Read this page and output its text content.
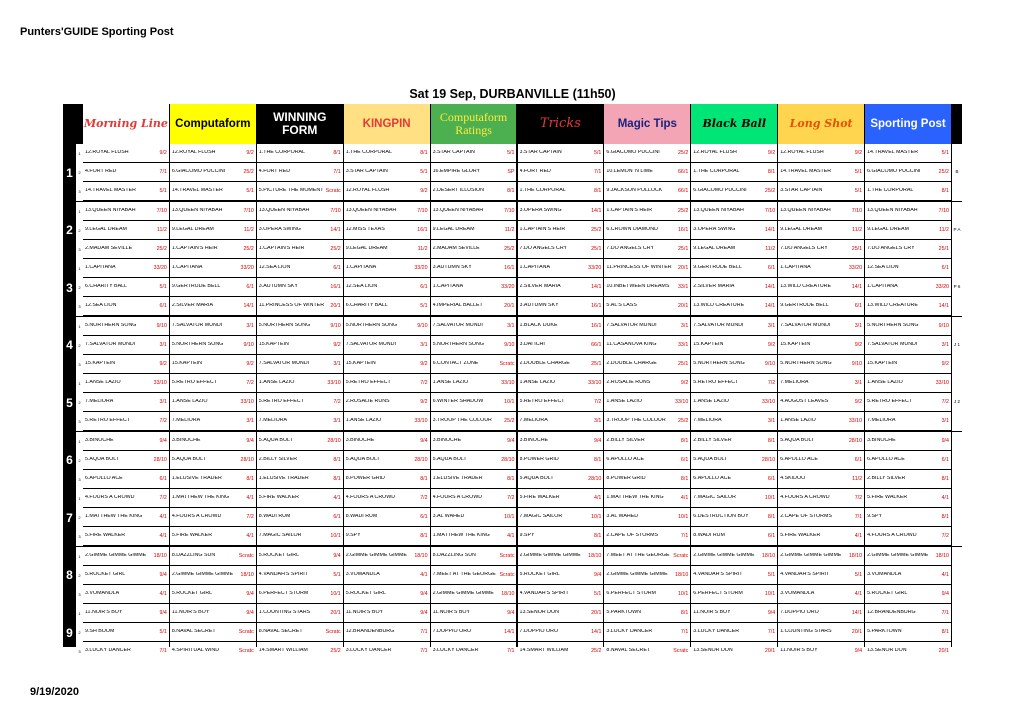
Punters'GUIDE Sporting Post
Sat 19 Sep, DURBANVILLE (11h50)
Morning Line Computaform	WINNING FORM	KINGPIN	Computaform Ratings	Tricks	Magic Tips	Black Ball	Long Shot	Sporting Post
1	B
1 12.ROYAL FLUSH	9/2 12.ROYAL FLUSH	9/2 1.THE CORPORAL	8/1 1.THE CORPORAL	8/1 3.STAR CAPTAIN	5/1 3.STAR CAPTAIN	5/1 6.GIACOMO PUCCINI	25/2 12.ROYAL FLUSH	9/2 12.ROYAL FLUSH	9/2 14.TRAVEL MASTER	5/1
2 4.FORT RED	7/1 6.GIACOMO PUCCINI	25/2 4.FORT RED	7/1 3.STAR CAPTAIN	5/1 16.EMPIRE GLORY	SP 4.FORT RED	7/1 10.LEMON 'N LIME	66/1 1.THE CORPORAL	8/1 14.TRAVEL MASTER	5/1 6.GIACOMO PUCCINI	25/2
3 14.TRAVEL MASTER	5/1 14.TRAVEL MASTER	5/1 5.PICTURE THE MOMENT Scratc 12.ROYAL FLUSH	9/2 2.DESERT ILLUSION	8/1 1.THE CORPORAL	8/1 9.JACKSON POLLOCK	66/1 6.GIACOMO PUCCINI	25/2 3.STAR CAPTAIN	5/1 1.THE CORPORAL	8/1
2	P A
1 13.QUEEN NIYABAH	7/10 13.QUEEN NIYABAH	7/10 13.QUEEN NIYABAH	7/10 13.QUEEN NIYABAH	7/10 13.QUEEN NIYABAH	7/10 3.OPERA SWING	14/1 1.CAPTAIN'S HEIR	25/2 13.QUEEN NIYABAH	7/10 13.QUEEN NIYABAH	7/10 13.QUEEN NIYABAH	7/10
2 9.LEGAL DREAM	11/2 9.LEGAL DREAM	11/2 3.OPERA SWING	14/1 12.MISS TEXAS	16/1 9.LEGAL DREAM	11/2 1.CAPTAIN'S HEIR	25/2 6.CROWN DIAMOND	16/1 3.OPERA SWING	14/1 9.LEGAL DREAM	11/2 9.LEGAL DREAM	11/2
3 2.MADAM SEVILLE	25/2 1.CAPTAIN'S HEIR	25/2 1.CAPTAIN'S HEIR	25/2 9.LEGAL DREAM	11/2 2.MADAM SEVILLE	25/2 7.DO ANGELS CRY	25/1 7.DO ANGELS CRY	25/1 9.LEGAL DREAM	11/2 7.DO ANGELS CRY	25/1 7.DO ANGELS CRY	25/1
3	P 6
1 1.CAPITANA	33/20 1.CAPITANA	33/20 12.SEA LION	6/1 1.CAPITANA	33/20 3.AUTUMN SKY	16/1 1.CAPITANA	33/20 11.PRINCESS OF WINTER	20/1 9.GERTRUDE BELL	6/1 1.CAPITANA	33/20 12.SEA LION	6/1
2 6.CHARITY BALL	5/1 9.GERTRUDE BELL	6/1 3.AUTUMN SKY	16/1 12.SEA LION	6/1 1.CAPITANA	33/20 2.SILVER MARIA	14/1 10.INBETWEEN DREAMS	33/1 2.SILVER MARIA	14/1 13.WILD CREATURE	14/1 1.CAPITANA	33/20
3 12.SEA LION	6/1 2.SILVER MARIA	14/1 11.PRINCESS OF WINTER	20/1 6.CHARITY BALL	5/1 4.IMPERIAL BALLET	20/1 3.AUTUMN SKY	16/1 5.AL'S LASS	20/1 13.WILD CREATURE	14/1 9.GERTRUDE BELL	6/1 13.WILD CREATURE	14/1
4	J 1
1 5.NORTHERN SONG	9/10 7.SALVATOR MUNDI	3/1 5.NORTHERN SONG	9/10 5.NORTHERN SONG	9/10 7.SALVATOR MUNDI	3/1 1.BLACK DUKE	16/1 7.SALVATOR MUNDI	3/1 7.SALVATOR MUNDI	3/1 7.SALVATOR MUNDI	3/1 5.NORTHERN SONG	9/10
2 7.SALVATOR MUNDI	3/1 5.NORTHERN SONG	9/10 15.KAPTEIN	9/2 7.SALVATOR MUNDI	3/1 5.NORTHERN SONG	9/10 3.DAI ICHI	66/1 11.CASANOVA KING	33/1 15.KAPTEIN	9/2 15.KAPTEIN	9/2 7.SALVATOR MUNDI	3/1
3 15.KAPTEIN	9/2 15.KAPTEIN	9/2 7.SALVATOR MUNDI	3/1 15.KAPTEIN	9/2 6.CONTACT ZONE	Scratc 2.DOUBLE CHARGE	25/1 2.DOUBLE CHARGE	25/1 5.NORTHERN SONG	9/10 5.NORTHERN SONG	9/10 15.KAPTEIN	9/2
5	J 2
1 1.ANSE LAZIO	33/10 5.RETRO EFFECT	7/2 1.ANSE LAZIO	33/10 5.RETRO EFFECT	7/2 1.ANSE LAZIO	33/10 1.ANSE LAZIO	33/10 2.ROSALIE RUNS	9/2 5.RETRO EFFECT	7/2 7.MELIORA	3/1 1.ANSE LAZIO	33/10
2 7.MELIORA	3/1 1.ANSE LAZIO	33/10 5.RETRO EFFECT	7/2 2.ROSALIE RUNS	9/2 6.WINTER SHADOW	10/1 5.RETRO EFFECT	7/2 1.ANSE LAZIO	33/10 1.ANSE LAZIO	33/10 4.AUGUST LEAVES	9/2 5.RETRO EFFECT	7/2
3 5.RETRO EFFECT	7/2 7.MELIORA	3/1 7.MELIORA	3/1 1.ANSE LAZIO	33/10 3.TROOP THE COLOUR	25/2 7.MELIORA	3/1 3.TROOP THE COLOUR	25/2 7.MELIORA	3/1 1.ANSE LAZIO	33/10 7.MELIORA	3/1
6
1 3.BINOCHE	9/4 3.BINOCHE	9/4 5.AQUA BOLT	28/10 3.BINOCHE	9/4 3.BINOCHE	9/4 3.BINOCHE	9/4 2.BILLY SILVER	8/1 2.BILLY SILVER	8/1 5.AQUA BOLT	28/10 3.BINOCHE	9/4
2 5.AQUA BOLT	28/10 5.AQUA BOLT	28/10 2.BILLY SILVER	8/1 5.AQUA BOLT	28/10 5.AQUA BOLT	28/10 8.POWER GRID	8/1 6.APOLLO ACE	6/1 5.AQUA BOLT	28/10 6.APOLLO ACE	6/1 6.APOLLO ACE	6/1
3 6.APOLLO ACE	6/1 1.ELUSIVE TRADER	8/1 1.ELUSIVE TRADER	8/1 8.POWER GRID	8/1 1.ELUSIVE TRADER	8/1 5.AQUA BOLT	28/10 8.POWER GRID	8/1 6.APOLLO ACE	6/1 4.SKIDOO	11/2 2.BILLY SILVER	8/1
7
1 4.FOURS A CROWD	7/2 1.MATTHEW THE KING	4/1 5.FIRE WALKER	4/1 4.FOURS A CROWD	7/2 4.FOURS A CROWD	7/2 5.FIRE WALKER	4/1 1.MATTHEW THE KING	4/1 7.MAGIC SAILOR	10/1 4.FOURS A CROWD	7/2 5.FIRE WALKER	4/1
2 1.MATTHEW THE KING	4/1 4.FOURS A CROWD	7/2 8.WADI RUM	6/1 8.WADI RUM	6/1 3.AL WAHED	10/1 7.MAGIC SAILOR	10/1 3.AL WAHED	10/1 6.DESTRUCTION BOY	8/1 2.CAPE OF STORMS	7/1 9.SPY	8/1
3 5.FIRE WALKER	4/1 5.FIRE WALKER	4/1 7.MAGIC SAILOR	10/1 9.SPY	8/1 1.MATTHEW THE KING	4/1 9.SPY	8/1 2.CAPE OF STORMS	7/1 8.WADI RUM	6/1 5.FIRE WALKER	4/1 4.FOURS A CROWD	7/2
8
1 2.GIMME GIMME GIMME	18/10 8.DAZZLING SUN	Scratc 5.ROCKET GIRL	9/4 2.GIMME GIMME GIMME	18/10 8.DAZZLING SUN	Scratc 2.GIMME GIMME GIMME	18/10 7.MEET AT THE GEORGE Scratc 2.GIMME GIMME GIMME	18/10 2.GIMME GIMME GIMME	18/10 2.GIMME GIMME GIMME	18/10
2 5.ROCKET GIRL	9/4 2.GIMME GIMME GIMME	18/10 4.VANDAH'S SPIRIT	5/1 3.VOMANDLA	4/1 7.MEET AT THE GEORGE Scratc 5.ROCKET GIRL	9/4 2.GIMME GIMME GIMME	18/10 4.VANDAH'S SPIRIT	5/1 4.VANDAH'S SPIRIT	5/1 3.VOMANDLA	4/1
3 3.VOMANDLA	4/1 5.ROCKET GIRL	9/4 6.PERFECT STORM	10/1 5.ROCKET GIRL	9/4 2.GIMME GIMME GIMME	18/10 4.VANDAH'S SPIRIT	5/1 6.PERFECT STORM	10/1 6.PERFECT STORM	10/1 3.VOMANDLA	4/1 5.ROCKET GIRL	9/4
9
1 11.NOIR'S BOY	9/4 11.NOIR'S BOY	9/4 1.COUNTING STARS	20/1 11.NOIR'S BOY	9/4 11.NOIR'S BOY	9/4 13.SENOR DON	20/1 5.PARKTOWN	8/1 11.NOIR'S BOY	9/4 7.DOPPIO ORO	14/1 12.BRANDENBURG	7/1
2 9.SH BOOM	5/1 8.NAVAL SECRET	Scratc 8.NAVAL SECRET	Scratc 12.BRANDENBURG	7/1 7.DOPPIO ORO	14/1 7.DOPPIO ORO	14/1 3.LUCKY DANCER	7/1 3.LUCKY DANCER	7/1 1.COUNTING STARS	20/1 5.PARKTOWN	8/1
3 3.LUCKY DANCER	7/1 4.SPIRITUAL WIND	Scratc 14.SMART WILLIAM	25/2 3.LUCKY DANCER	7/1 3.LUCKY DANCER	7/1 14.SMART WILLIAM	25/2 8.NAVAL SECRET	Scratc 13.SENOR DON	20/1 11.NOIR'S BOY	9/4 13.SENOR DON	20/1
9/19/2020
